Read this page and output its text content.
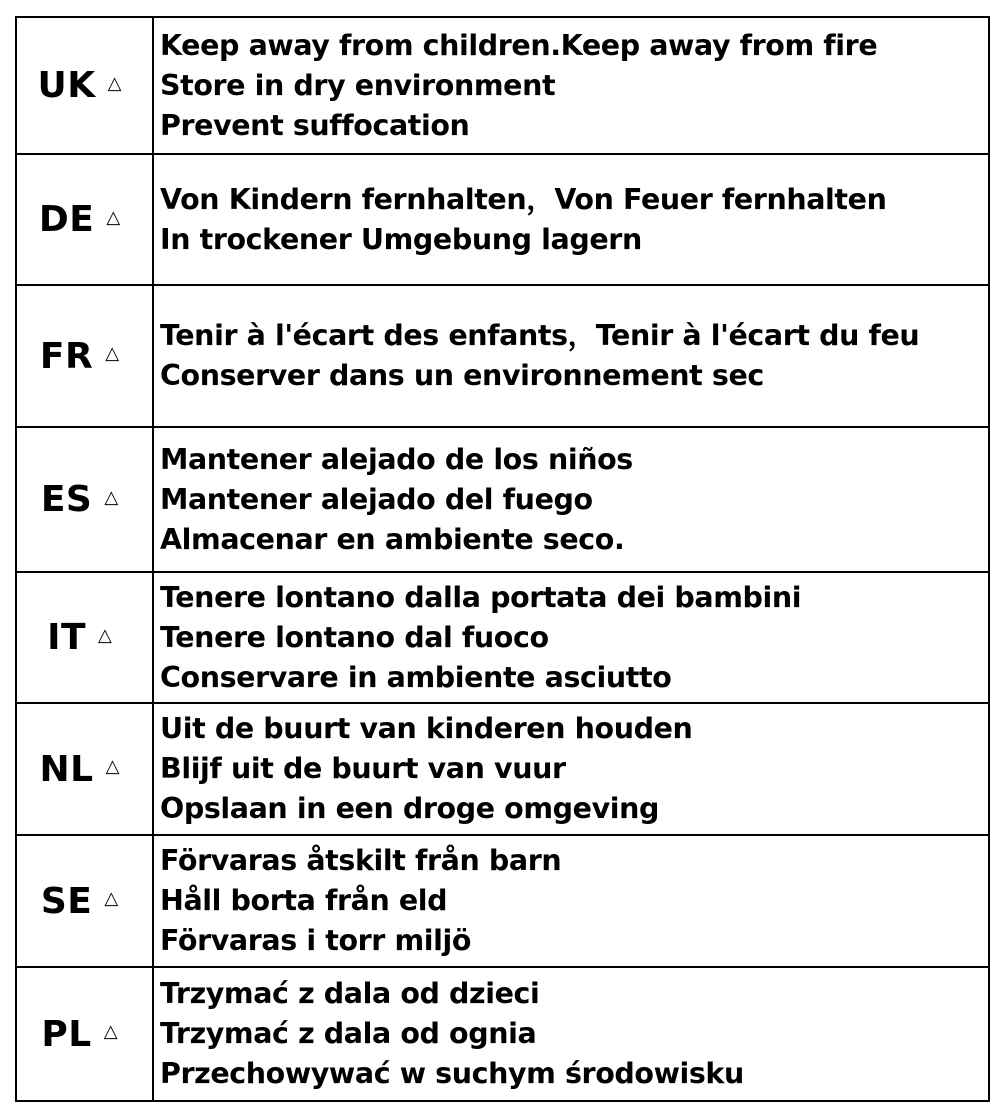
UK △	Keep away from children.Keep away from fire
Store in dry environment
Prevent suffocation

DE △	Von Kindern fernhalten，Von Feuer fernhalten
In trockener Umgebung lagern

FR △	Tenir à l'écart des enfants，Tenir à l'écart du feu
Conserver dans un environnement sec

ES △	Mantener alejado de los niños
Mantener alejado del fuego
Almacenar en ambiente seco.

IT △	Tenere lontano dalla portata dei bambini
Tenere lontano dal fuoco
Conservare in ambiente asciutto

NL △	Uit de buurt van kinderen houden
Blijf uit de buurt van vuur
Opslaan in een droge omgeving

SE △	Förvaras åtskilt från barn
Håll borta från eld
Förvaras i torr miljö

PL △	Trzymać z dala od dzieci
Trzymać z dala od ognia
Przechowywać w suchym środowisku
